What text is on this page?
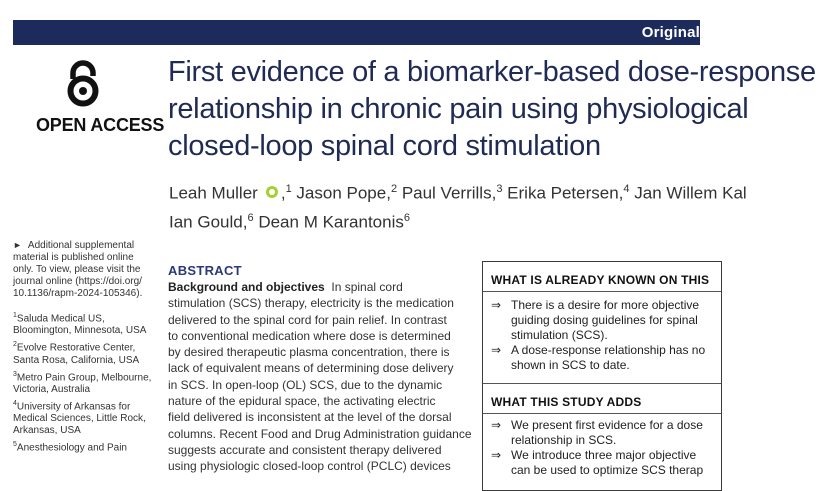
Original
OPEN ACCESS
First evidence of a biomarker-based dose-response
relationship in chronic pain using physiological
closed-loop spinal cord stimulation
Leah Muller ,$^1$ Jason Pope,$^2$ Paul Verrills,$^3$ Erika Petersen,$^4$ Jan Willem Kal
Ian Gould,$^6$ Dean M Karantonis$^6$
► Additional supplemental
material is published online
only. To view, please visit the
journal online (https://doi.org/
10.1136/rapm-2024-105346).
$^1$Saluda Medical US,
Bloomington, Minnesota, USA
$^2$Evolve Restorative Center,
Santa Rosa, California, USA
$^3$Metro Pain Group, Melbourne,
Victoria, Australia
$^4$University of Arkansas for
Medical Sciences, Little Rock,
Arkansas, USA
$^5$Anesthesiology and Pain
ABSTRACT

Background and objectives In spinal cord
stimulation (SCS) therapy, electricity is the medication
delivered to the spinal cord for pain relief. In contrast
to conventional medication where dose is determined
by desired therapeutic plasma concentration, there is
lack of equivalent means of determining dose delivery
in SCS. In open-loop (OL) SCS, due to the dynamic
nature of the epidural space, the activating electric
field delivered is inconsistent at the level of the dorsal
columns. Recent Food and Drug Administration guidance
suggests accurate and consistent therapy delivered
using physiologic closed-loop control (PCLC) devices

WHAT IS ALREADY KNOWN ON THIS
⇒ There is a desire for more objective
guiding dosing guidelines for spinal
stimulation (SCS).
⇒ A dose-response relationship has no
shown in SCS to date.
WHAT THIS STUDY ADDS
⇒ We present first evidence for a dose
relationship in SCS.
⇒ We introduce three major objective
can be used to optimize SCS therap
